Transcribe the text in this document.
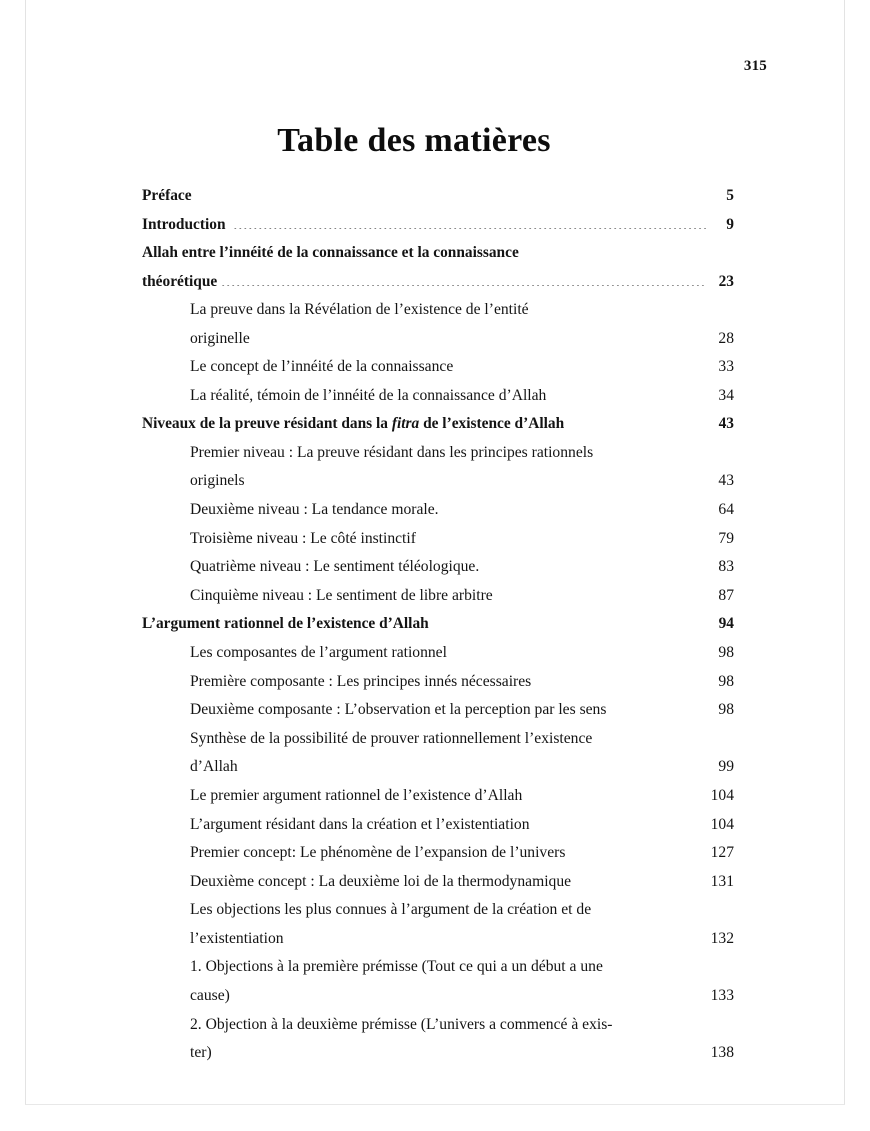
315
Table des matières
Préface .....	5
Introduction .....	9
Allah entre l’innéité de la connaissance et la connaissance
théorétique .....	23
La preuve dans la Révélation de l’existence de l’entité
originelle .....	28
Le concept de l’innéité de la connaissance .....	33
La réalité, témoin de l’innéité de la connaissance d’Allah .....	34
Niveaux de la preuve résidant dans la fitra de l’existence d’Allah .....	43
Premier niveau : La preuve résidant dans les principes rationnels
originels .....	43
Deuxième niveau : La tendance morale. .....	64
Troisième niveau : Le côté instinctif .....	79
Quatrième niveau : Le sentiment téléologique. .....	83
Cinquième niveau : Le sentiment de libre arbitre .....	87
L’argument rationnel de l’existence d’Allah .....	94
Les composantes de l’argument rationnel .....	98
Première composante : Les principes innés nécessaires .....	98
Deuxième composante : L’observation et la perception par les sens	98
Synthèse de la possibilité de prouver rationnellement l’existence
d’Allah .....	99
Le premier argument rationnel de l’existence d’Allah .....	104
L’argument résidant dans la création et l’existentiation .....	104
Premier concept: Le phénomène de l’expansion de l’univers .....	127
Deuxième concept : La deuxième loi de la thermodynamique .....	131
Les objections les plus connues à l’argument de la création et de
l’existentiation .....	132
1. Objections à la première prémisse (Tout ce qui a un début a une
cause) .....	133
2. Objection à la deuxième prémisse (L’univers a commencé à exis-
ter) .....	138
